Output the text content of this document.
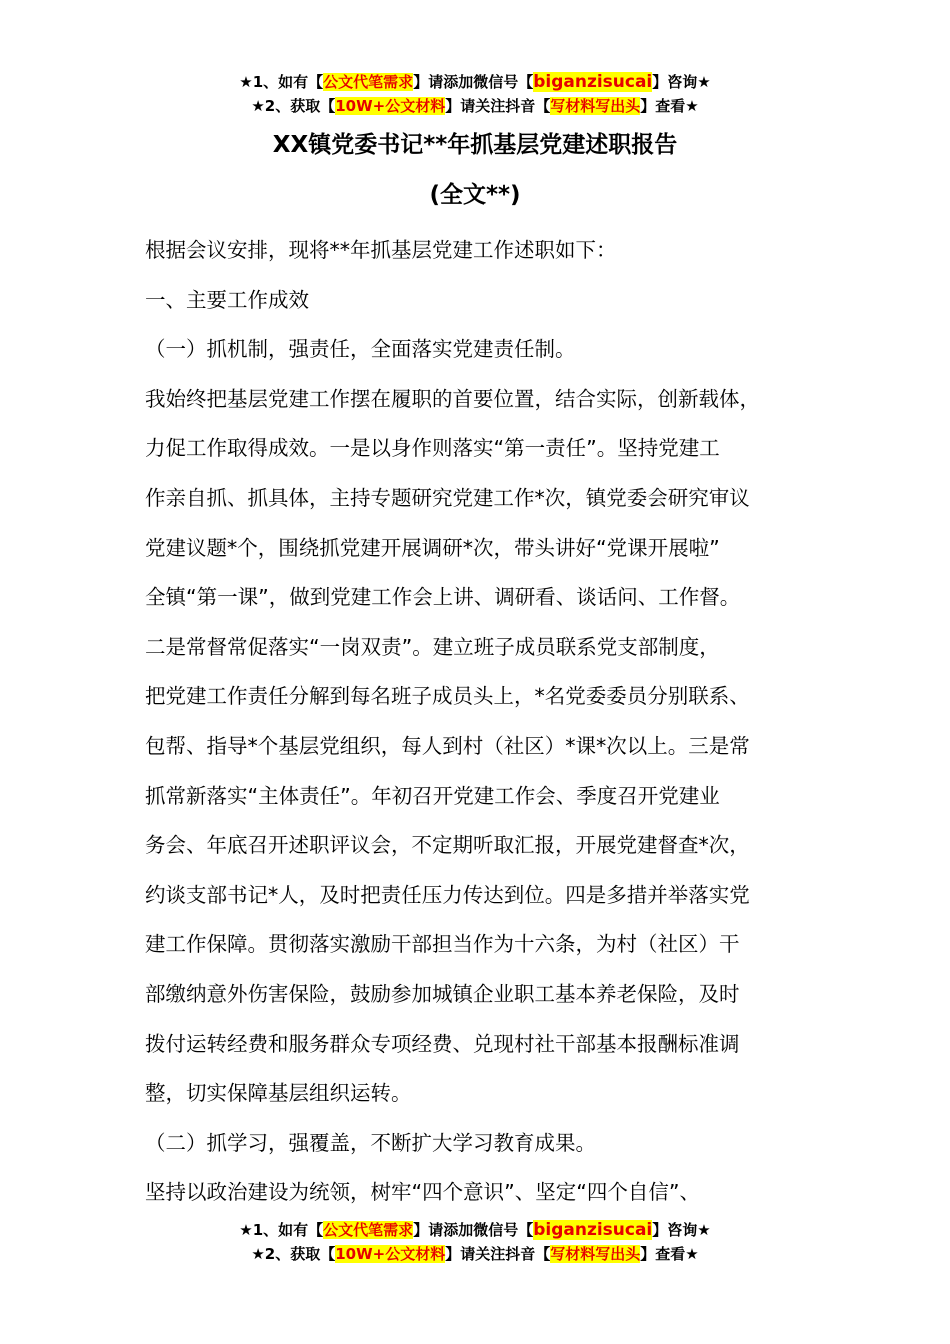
★1、如有【公文代笔需求】请添加微信号【biganzisucai】咨询★
★2、获取【10W+公文材料】请关注抖音【写材料写出头】查看★
XX镇党委书记**年抓基层党建述职报告
(全文**)

根据会议安排，现将**年抓基层党建工作述职如下：

一、主要工作成效

（一）抓机制，强责任，全面落实党建责任制。

我始终把基层党建工作摆在履职的首要位置，结合实际，创新载体，

力促工作取得成效。一是以身作则落实“第一责任”。坚持党建工

作亲自抓、抓具体，主持专题研究党建工作*次，镇党委会研究审议

党建议题*个，围绕抓党建开展调研*次，带头讲好“党课开展啦”

全镇“第一课”，做到党建工作会上讲、调研看、谈话问、工作督。

二是常督常促落实“一岗双责”。建立班子成员联系党支部制度，

把党建工作责任分解到每名班子成员头上，*名党委委员分别联系、

包帮、指导*个基层党组织，每人到村（社区）*课*次以上。三是常

抓常新落实“主体责任”。年初召开党建工作会、季度召开党建业

务会、年底召开述职评议会，不定期听取汇报，开展党建督查*次，

约谈支部书记*人，及时把责任压力传达到位。四是多措并举落实党

建工作保障。贯彻落实激励干部担当作为十六条，为村（社区）干

部缴纳意外伤害保险，鼓励参加城镇企业职工基本养老保险，及时

拨付运转经费和服务群众专项经费、兑现村社干部基本报酬标准调

整，切实保障基层组织运转。

（二）抓学习，强覆盖，不断扩大学习教育成果。

坚持以政治建设为统领，树牢“四个意识”、坚定“四个自信”、

★1、如有【公文代笔需求】请添加微信号【biganzisucai】咨询★
★2、获取【10W+公文材料】请关注抖音【写材料写出头】查看★
